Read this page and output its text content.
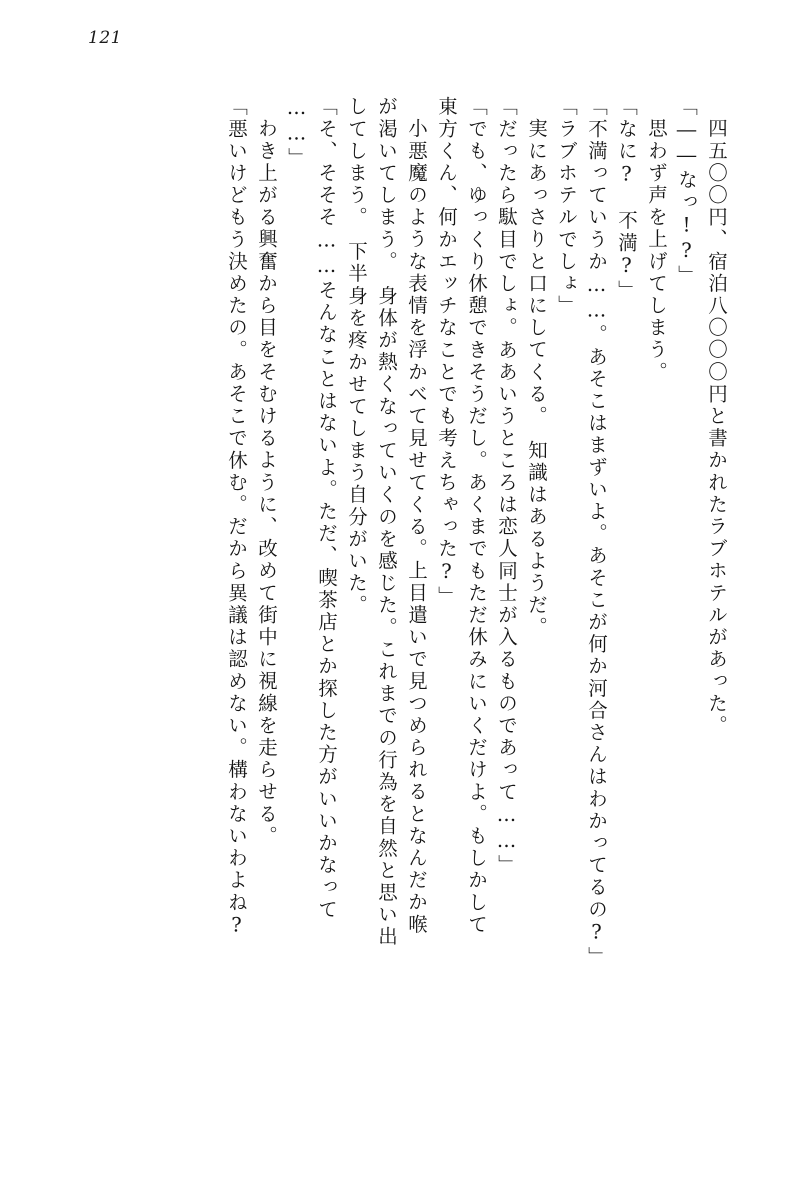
121
四五〇〇円、宿泊八〇〇〇円と書かれたラブホテルがあった。
「――なっ!?」
思わず声を上げてしまう。
「なに?　不満?」
「不満っていうか……。あそこはまずいよ。あそこが何か河合さんはわかってるの?」
「ラブホテルでしょ」
実にあっさりと口にしてくる。　知識はあるようだ。
「だったら駄目でしょ。ああいうところは恋人同士が入るものであって……」
「でも、ゆっくり休憩できそうだし。あくまでもただ休みにいくだけよ。もしかして
東方くん、何かエッチなことでも考えちゃった?」
小悪魔のような表情を浮かべて見せてくる。上目遣いで見つめられるとなんだか喉
が渇いてしまう。　身体が熱くなっていくのを感じた。これまでの行為を自然と思い出
してしまう。　下半身を疼かせてしまう自分がいた。
「そ、そそそ……そんなことはないよ。ただ、喫茶店とか探した方がいいかなって
……」
わき上がる興奮から目をそむけるように、改めて街中に視線を走らせる。
「悪いけどもう決めたの。あそこで休む。だから異議は認めない。構わないわよね?
